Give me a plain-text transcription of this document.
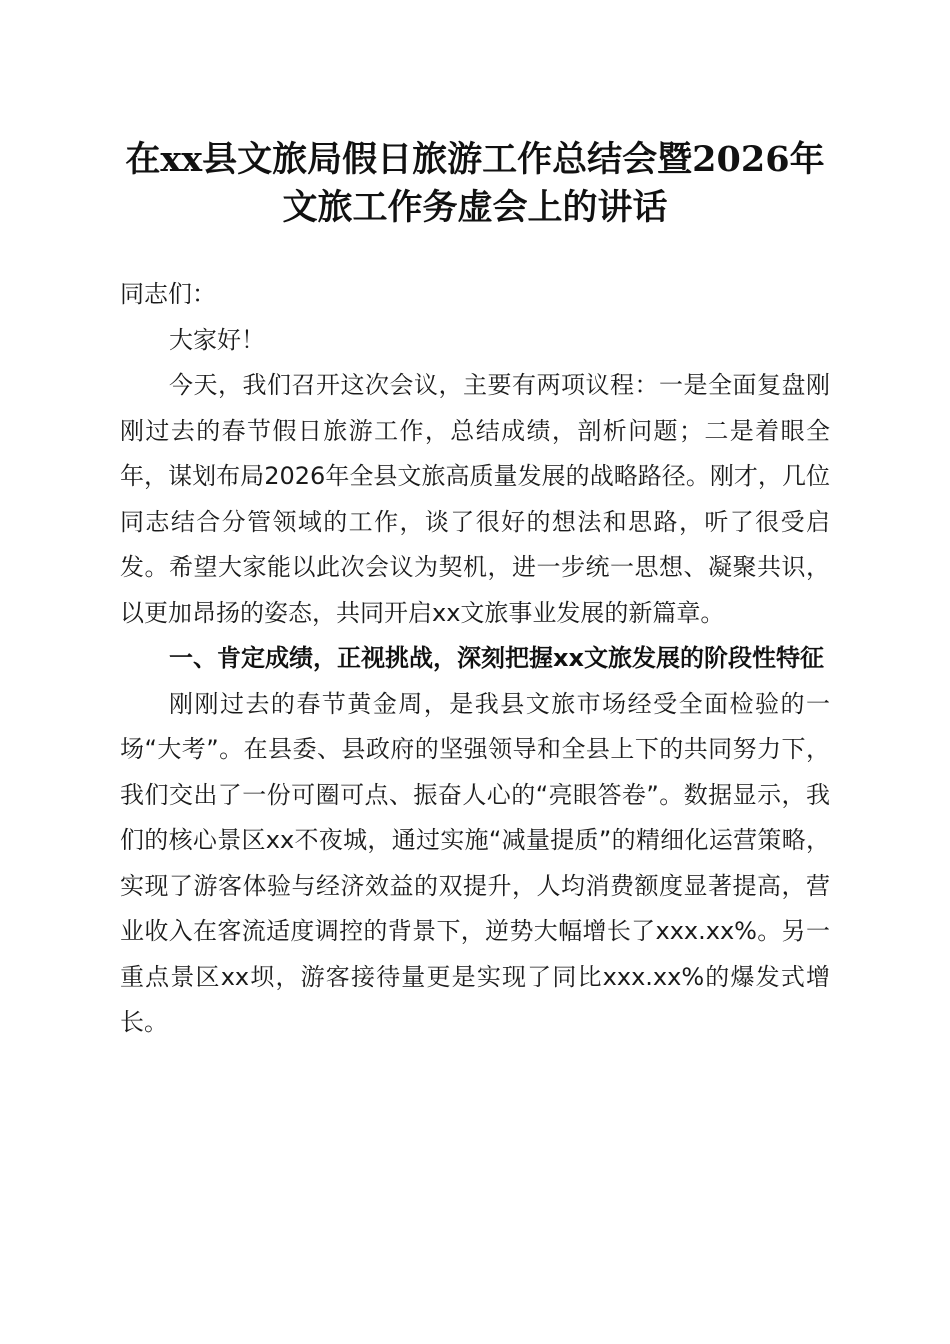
在xx县文旅局假日旅游工作总结会暨2026年
文旅工作务虚会上的讲话

同志们：

大家好！

今天，我们召开这次会议，主要有两项议程：一是全面复盘刚刚过去的春节假日旅游工作，总结成绩，剖析问题；二是着眼全年，谋划布局2026年全县文旅高质量发展的战略路径。刚才，几位同志结合分管领域的工作，谈了很好的想法和思路，听了很受启发。希望大家能以此次会议为契机，进一步统一思想、凝聚共识，以更加昂扬的姿态，共同开启xx文旅事业发展的新篇章。

一、肯定成绩，正视挑战，深刻把握xx文旅发展的阶段性特征

刚刚过去的春节黄金周，是我县文旅市场经受全面检验的一场“大考”。在县委、县政府的坚强领导和全县上下的共同努力下，我们交出了一份可圈可点、振奋人心的“亮眼答卷”。数据显示，我们的核心景区xx不夜城，通过实施“减量提质”的精细化运营策略，实现了游客体验与经济效益的双提升，人均消费额度显著提高，营业收入在客流适度调控的背景下，逆势大幅增长了xxx.xx%。另一重点景区xx坝，游客接待量更是实现了同比xxx.xx%的爆发式增长。
